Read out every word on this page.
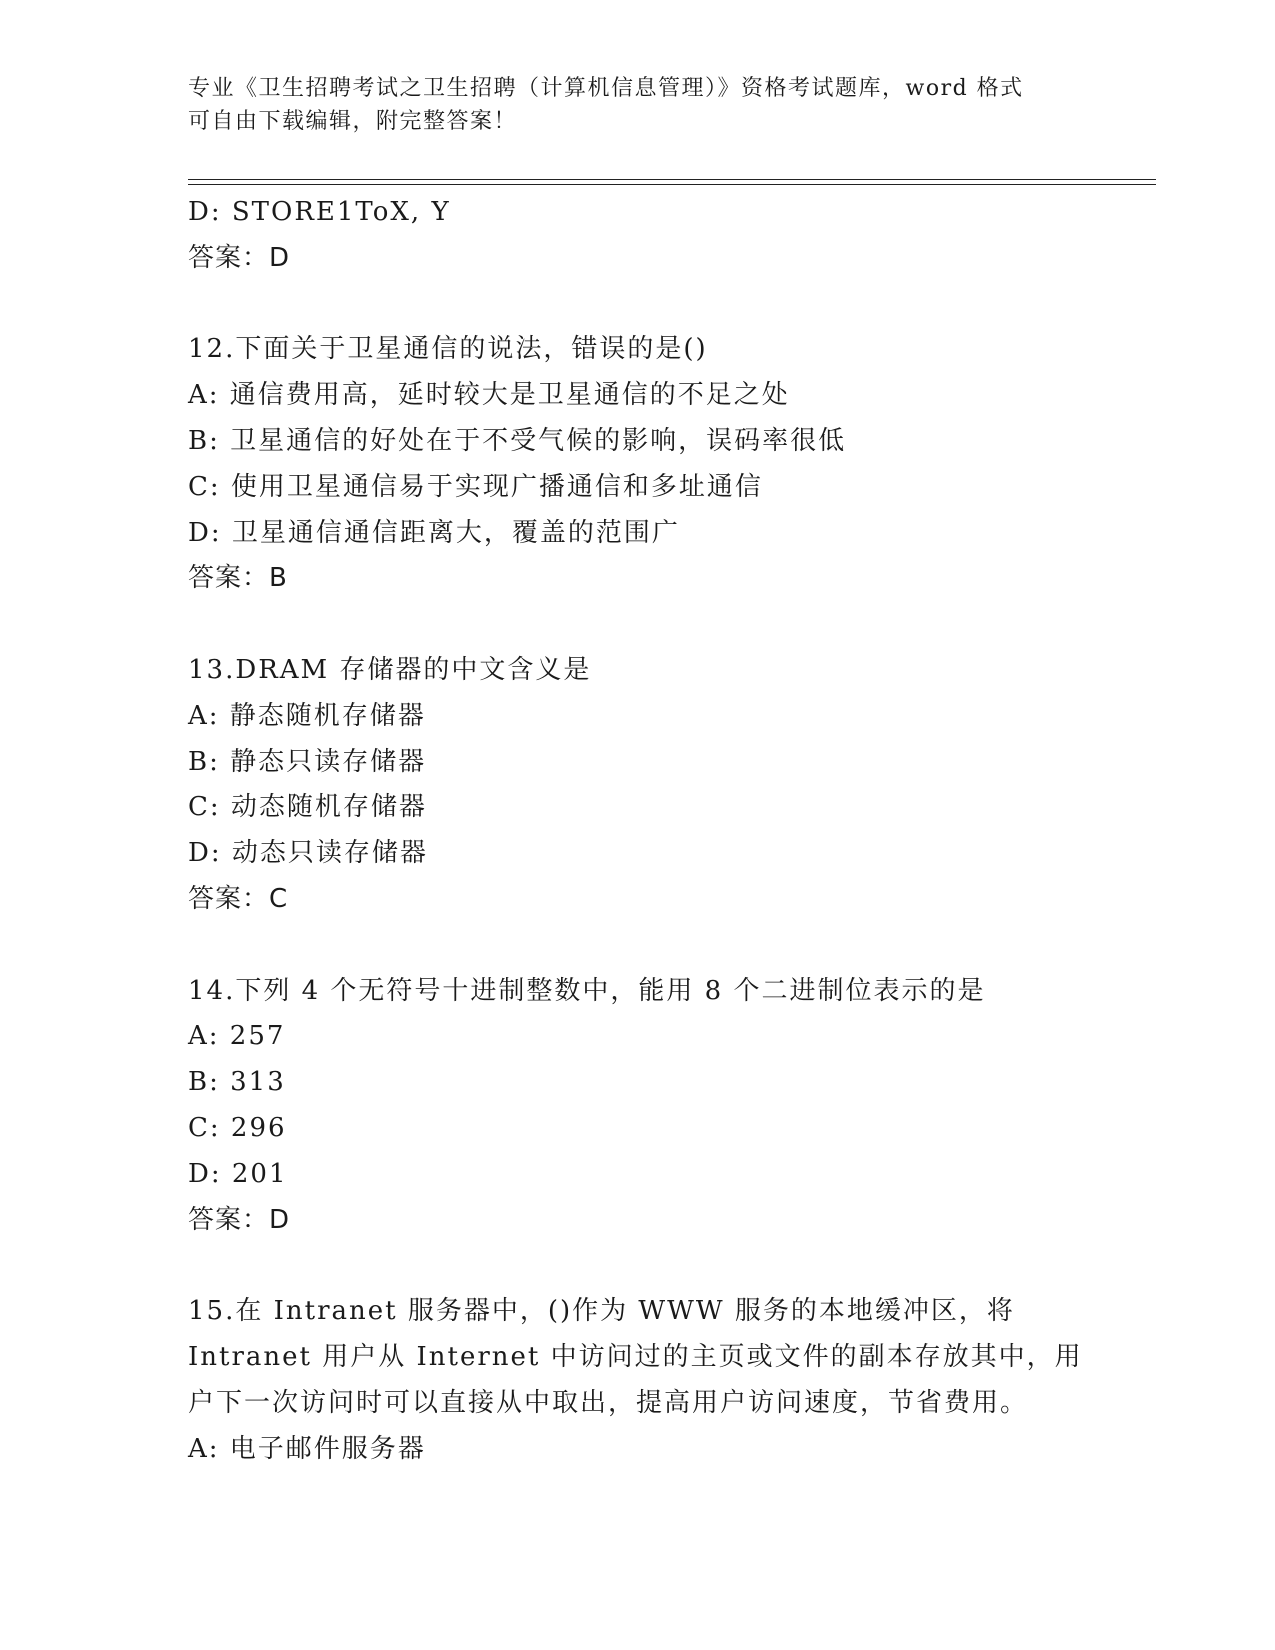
专业《卫生招聘考试之卫生招聘（计算机信息管理）》资格考试题库，word 格式
可自由下载编辑，附完整答案！
D: STORE1ToX, Y
答案：D
12.下面关于卫星通信的说法，错误的是()
A: 通信费用高，延时较大是卫星通信的不足之处
B: 卫星通信的好处在于不受气候的影响，误码率很低
C: 使用卫星通信易于实现广播通信和多址通信
D: 卫星通信通信距离大，覆盖的范围广
答案：B
13.DRAM 存储器的中文含义是
A: 静态随机存储器
B: 静态只读存储器
C: 动态随机存储器
D: 动态只读存储器
答案：C
14.下列 4 个无符号十进制整数中，能用 8 个二进制位表示的是
A: 257
B: 313
C: 296
D: 201
答案：D
15.在 Intranet 服务器中，()作为 WWW 服务的本地缓冲区，将
Intranet 用户从 Internet 中访问过的主页或文件的副本存放其中，用
户下一次访问时可以直接从中取出，提高用户访问速度，节省费用。
A: 电子邮件服务器
